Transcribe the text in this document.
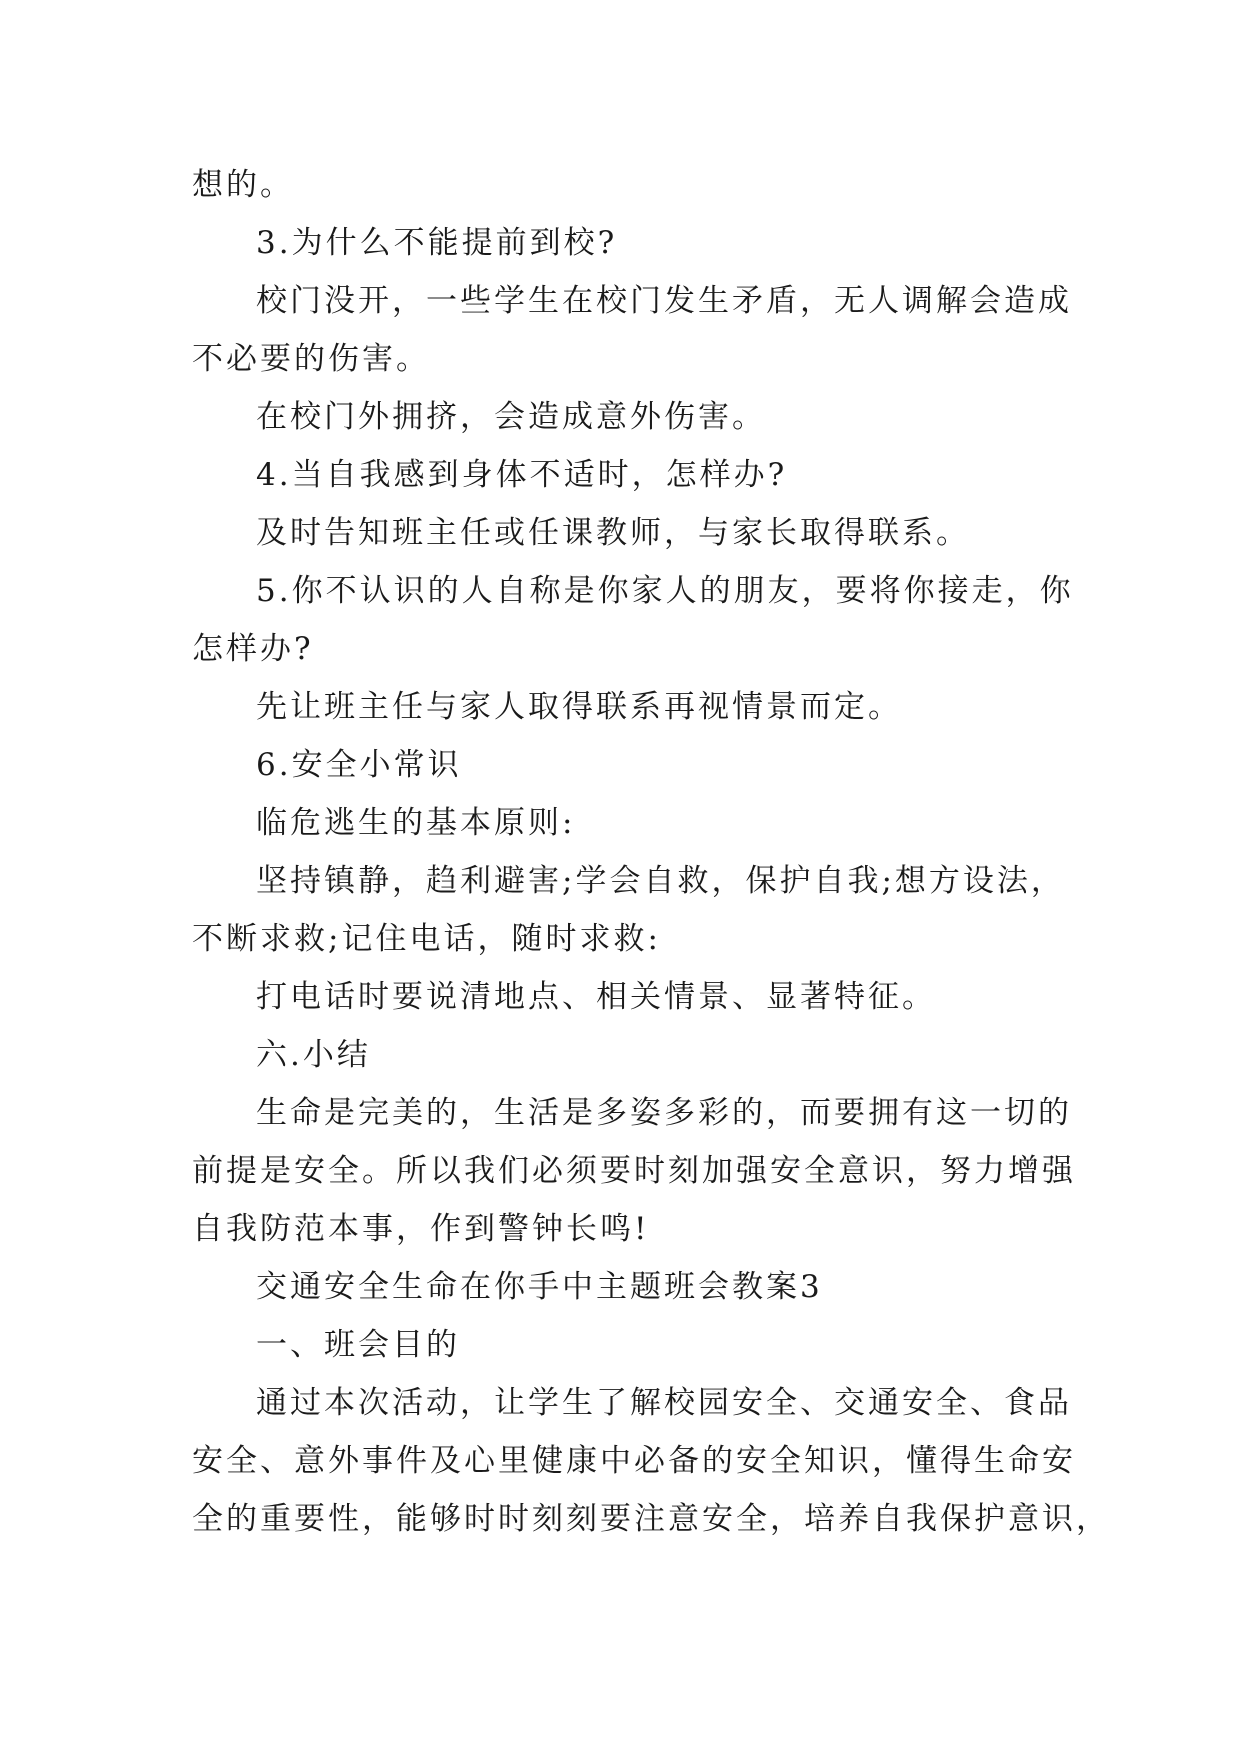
想的。
3.为什么不能提前到校?
校门没开，一些学生在校门发生矛盾，无人调解会造成
不必要的伤害。
在校门外拥挤，会造成意外伤害。
4.当自我感到身体不适时，怎样办?
及时告知班主任或任课教师，与家长取得联系。
5.你不认识的人自称是你家人的朋友，要将你接走，你
怎样办?
先让班主任与家人取得联系再视情景而定。
6.安全小常识
临危逃生的基本原则:
坚持镇静，趋利避害;学会自救，保护自我;想方设法，
不断求救;记住电话，随时求救:
打电话时要说清地点、相关情景、显著特征。
六.小结
生命是完美的，生活是多姿多彩的，而要拥有这一切的
前提是安全。所以我们必须要时刻加强安全意识，努力增强
自我防范本事，作到警钟长鸣!
交通安全生命在你手中主题班会教案3
一、班会目的
通过本次活动，让学生了解校园安全、交通安全、食品
安全、意外事件及心里健康中必备的安全知识，懂得生命安
全的重要性，能够时时刻刻要注意安全，培养自我保护意识，
